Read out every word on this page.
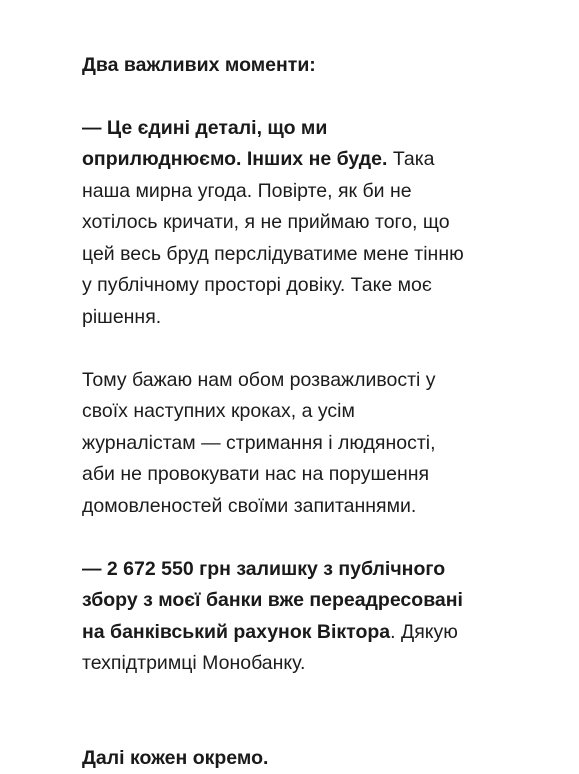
Два важливих моменти:

— Це єдині деталі, що ми
оприлюднюємо. Інших не буде. Така
наша мирна угода. Повірте, як би не
хотілось кричати, я не приймаю того, що
цей весь бруд перслідуватиме мене тінню
у публічному просторі довіку. Таке моє
рішення.

Тому бажаю нам обом розважливості у
своїх наступних кроках, а усім
журналістам — стримання і людяності,
аби не провокувати нас на порушення
домовленостей своїми запитаннями.

— 2 672 550 грн залишку з публічного
збору з моєї банки вже переадресовані
на банківський рахунок Віктора. Дякую
техпідтримці Монобанку.

Далі кожен окремо.
